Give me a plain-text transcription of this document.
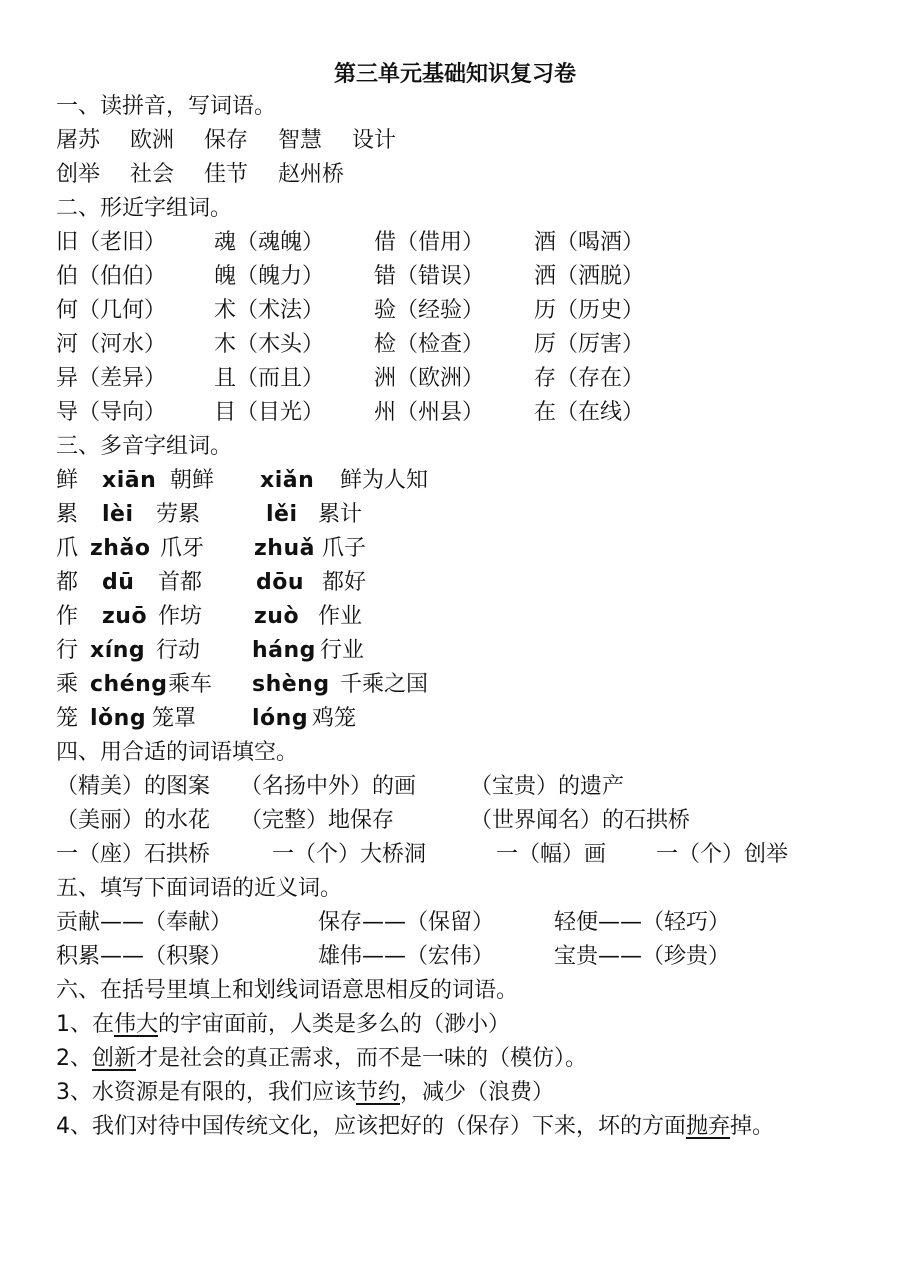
第三单元基础知识复习卷
一、读拼音，写词语。
屠苏 欧洲 保存 智慧 设计
创举 社会 佳节 赵州桥
二、形近字组词。
旧（老旧） 魂（魂魄） 借（借用） 酒（喝酒）
伯（伯伯） 魄（魄力） 错（错误） 洒（洒脱）
何（几何） 术（术法） 验（经验） 历（历史）
河（河水） 木（木头） 检（检查） 厉（厉害）
异（差异） 且（而且） 洲（欧洲） 存（存在）
导（导向） 目（目光） 州（州县） 在（在线）
三、多音字组词。
鲜 xiān 朝鲜 xiǎn 鲜为人知
累 lèi 劳累	lěi 累计
爪 zhǎo 爪牙 zhuǎ 爪子
都 dū 首都 dōu 都好
作 zuō 作坊 zuò 作业
行 xíng 行动 háng 行业
乘 chéng 乘车 shèng 千乘之国
笼 lǒng 笼罩	lóng 鸡笼
四、用合适的词语填空。
（精美）的图案 （名扬中外）的画 （宝贵）的遗产
（美丽）的水花 （完整）地保存	（世界闻名）的石拱桥
一（座）石拱桥	一（个）大桥洞	一（幅）画 一（个）创举
五、填写下面词语的近义词。
贡献——（奉献）	保存——（保留）	轻便——（轻巧）
积累——（积聚）	雄伟——（宏伟）	宝贵——（珍贵）
六、在括号里填上和划线词语意思相反的词语。
1、在伟大的宇宙面前，人类是多么的（渺小）
2、创新才是社会的真正需求，而不是一味的（模仿）。
3、水资源是有限的，我们应该节约，减少（浪费）
4、我们对待中国传统文化，应该把好的（保存）下来，坏的方面抛弃掉。
